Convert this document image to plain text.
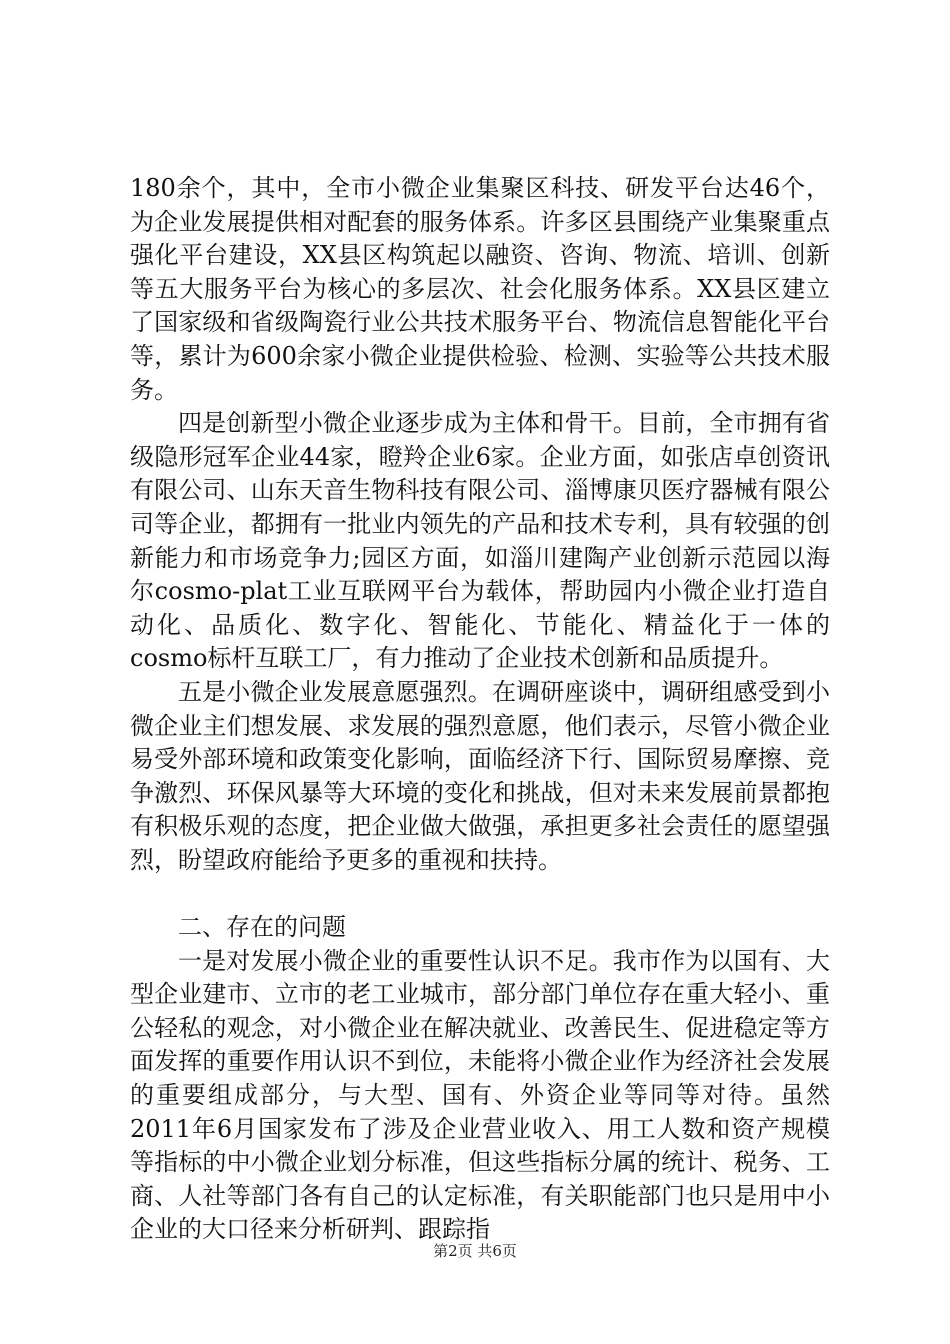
180余个，其中，全市小微企业集聚区科技、研发平台达46个，为企业发展提供相对配套的服务体系。许多区县围绕产业集聚重点强化平台建设，XX县区构筑起以融资、咨询、物流、培训、创新等五大服务平台为核心的多层次、社会化服务体系。XX县区建立了国家级和省级陶瓷行业公共技术服务平台、物流信息智能化平台等，累计为600余家小微企业提供检验、检测、实验等公共技术服务。

四是创新型小微企业逐步成为主体和骨干。目前，全市拥有省级隐形冠军企业44家，瞪羚企业6家。企业方面，如张店卓创资讯有限公司、山东天音生物科技有限公司、淄博康贝医疗器械有限公司等企业，都拥有一批业内领先的产品和技术专利，具有较强的创新能力和市场竞争力;园区方面，如淄川建陶产业创新示范园以海尔cosmo-plat工业互联网平台为载体，帮助园内小微企业打造自动化、品质化、数字化、智能化、节能化、精益化于一体的cosmo标杆互联工厂，有力推动了企业技术创新和品质提升。

五是小微企业发展意愿强烈。在调研座谈中，调研组感受到小微企业主们想发展、求发展的强烈意愿，他们表示，尽管小微企业易受外部环境和政策变化影响，面临经济下行、国际贸易摩擦、竞争激烈、环保风暴等大环境的变化和挑战，但对未来发展前景都抱有积极乐观的态度，把企业做大做强，承担更多社会责任的愿望强烈，盼望政府能给予更多的重视和扶持。

二、存在的问题

一是对发展小微企业的重要性认识不足。我市作为以国有、大型企业建市、立市的老工业城市，部分部门单位存在重大轻小、重公轻私的观念，对小微企业在解决就业、改善民生、促进稳定等方面发挥的重要作用认识不到位，未能将小微企业作为经济社会发展的重要组成部分，与大型、国有、外资企业等同等对待。虽然2011年6月国家发布了涉及企业营业收入、用工人数和资产规模等指标的中小微企业划分标准，但这些指标分属的统计、税务、工商、人社等部门各有自己的认定标准，有关职能部门也只是用中小企业的大口径来分析研判、跟踪指

第2页 共6页
